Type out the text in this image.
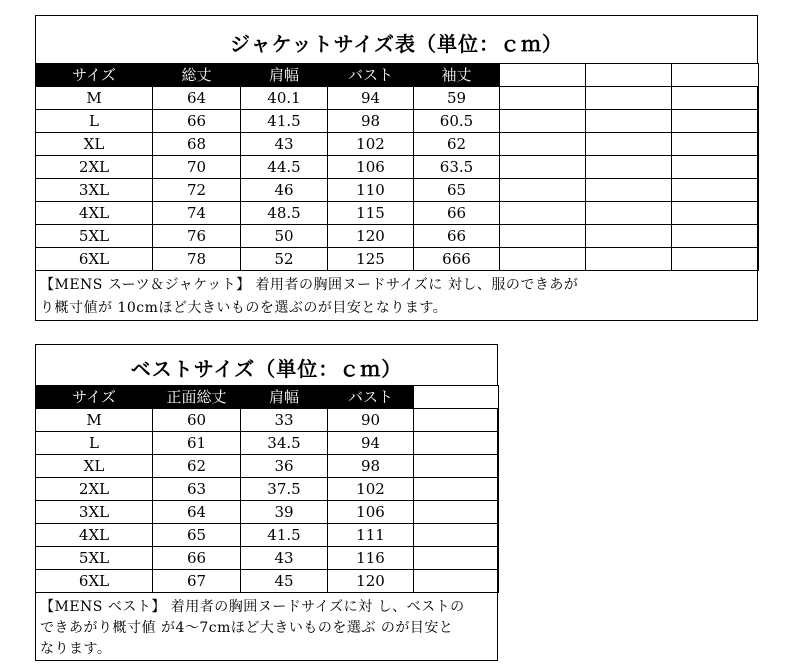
ジャケットサイズ表（単位：ｃｍ）
サイズ	総丈	肩幅	バスト	袖丈			
M	64	40.1	94	59			
L	66	41.5	98	60.5			
XL	68	43	102	62			
2XL	70	44.5	106	63.5			
3XL	72	46	110	65			
4XL	74	48.5	115	66			
5XL	76	50	120	66			
6XL	78	52	125	666			
【MENS スーツ＆ジャケット】 着用者の胸囲ヌードサイズに 対し、服のできあが
り概寸値が 10cmほど大きいものを選ぶのが目安となります。
ベストサイズ（単位：ｃｍ）
サイズ	正面総丈	肩幅	バスト	
M	60	33	90	
L	61	34.5	94	
XL	62	36	98	
2XL	63	37.5	102	
3XL	64	39	106	
4XL	65	41.5	111	
5XL	66	43	116	
6XL	67	45	120	
【MENS ベスト】 着用者の胸囲ヌードサイズに対 し、ベストの
できあがり概寸値 が4～7cmほど大きいものを選ぶ のが目安と
なります。
